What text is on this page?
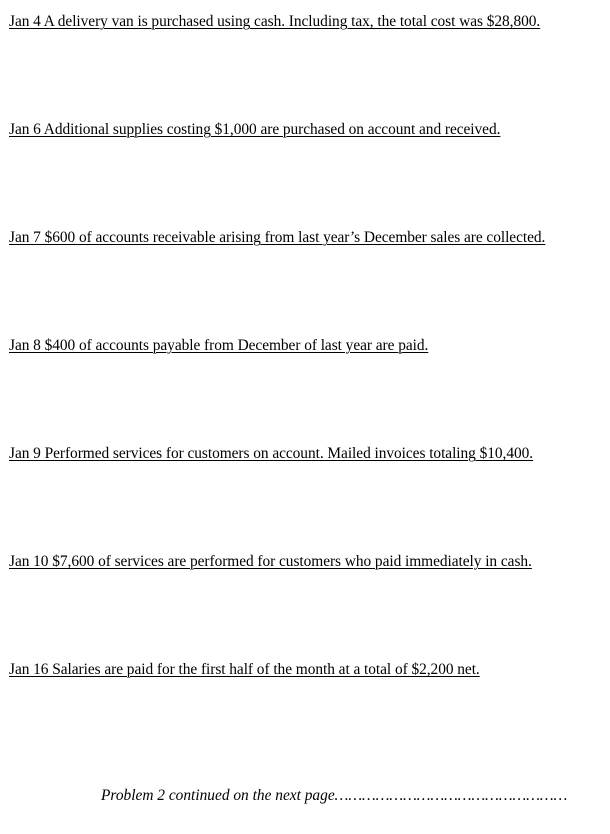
Jan 4 A delivery van is purchased using cash. Including tax, the total cost was $28,800.
Jan 6 Additional supplies costing $1,000 are purchased on account and received.
Jan 7 $600 of accounts receivable arising from last year’s December sales are collected.
Jan 8 $400 of accounts payable from December of last year are paid.
Jan 9 Performed services for customers on account. Mailed invoices totaling $10,400.
Jan 10 $7,600 of services are performed for customers who paid immediately in cash.
Jan 16 Salaries are paid for the first half of the month at a total of $2,200 net.
Problem 2 continued on the next page……………………………………………
